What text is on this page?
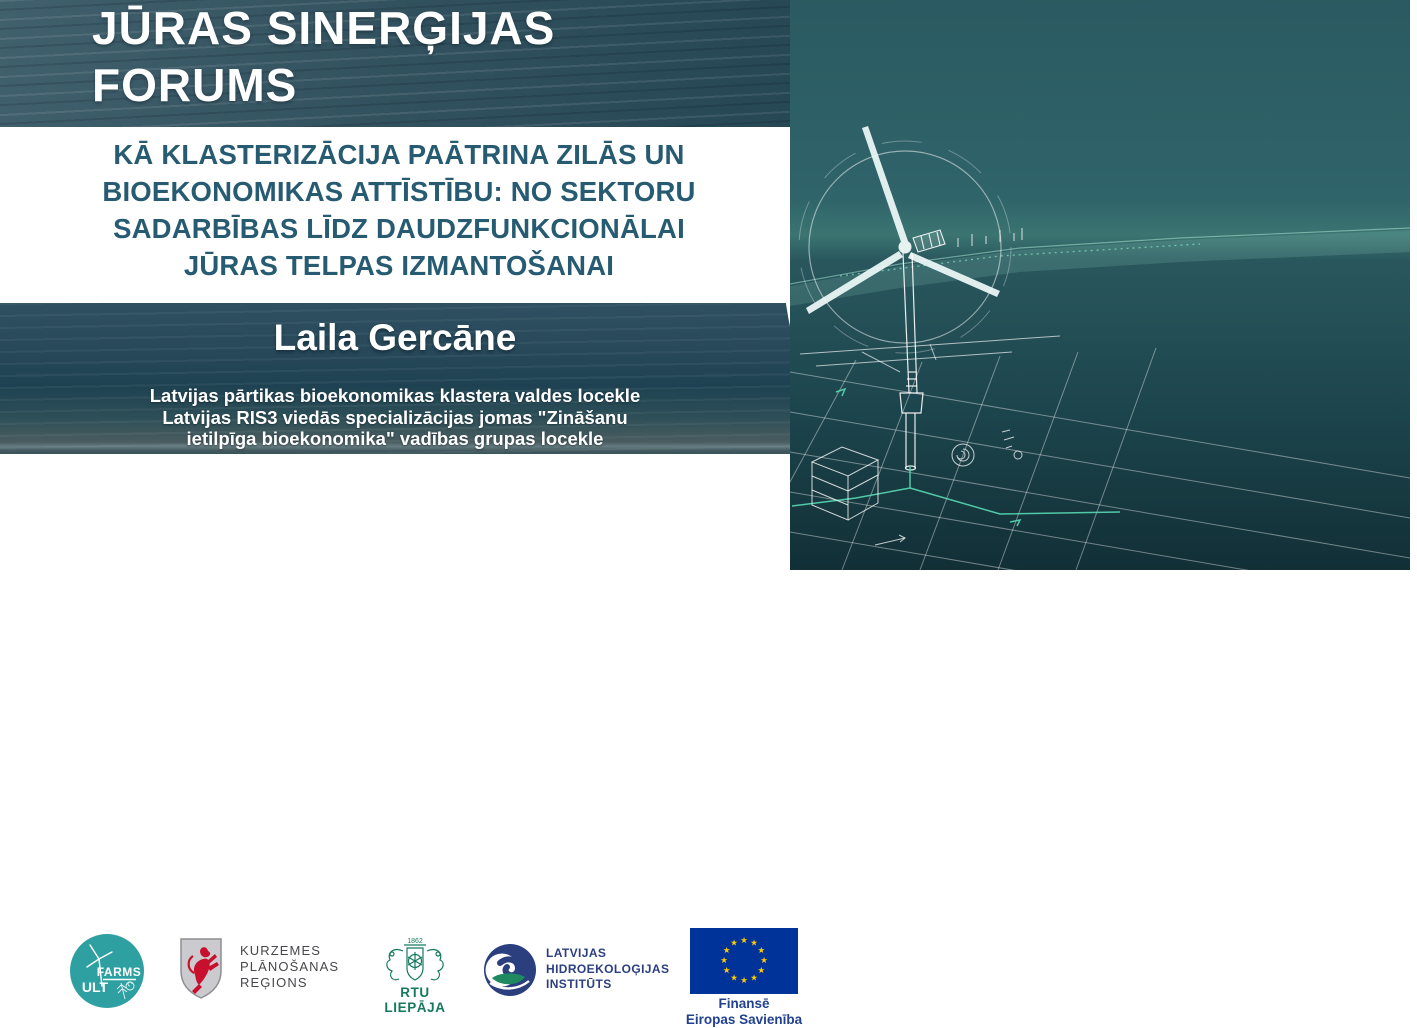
JŪRAS SINERĢIJAS
FORUMS
KĀ KLASTERIZĀCIJA PAĀTRINA ZILĀS UN
BIOEKONOMIKAS ATTĪSTĪBU: NO SEKTORU
SADARBĪBAS LĪDZ DAUDZFUNKCIONĀLAI
JŪRAS TELPAS IZMANTOŠANAI
Laila Gercāne
Latvijas pārtikas bioekonomikas klastera valdes locekle
Latvijas RIS3 viedās specializācijas jomas "Zināšanu
ietilpīga bioekonomika" vadības grupas locekle
FARMS
ULT
KURZEMES
PLĀNOŠANAS
REĢIONS
1862
RTU LIEPĀJA
LATVIJAS
HIDROEKOLOĢIJAS
INSTITŪTS
★ ★
★
★
★
★
★
★
★
★
★
★
Finansē
Eiropas Savienība
